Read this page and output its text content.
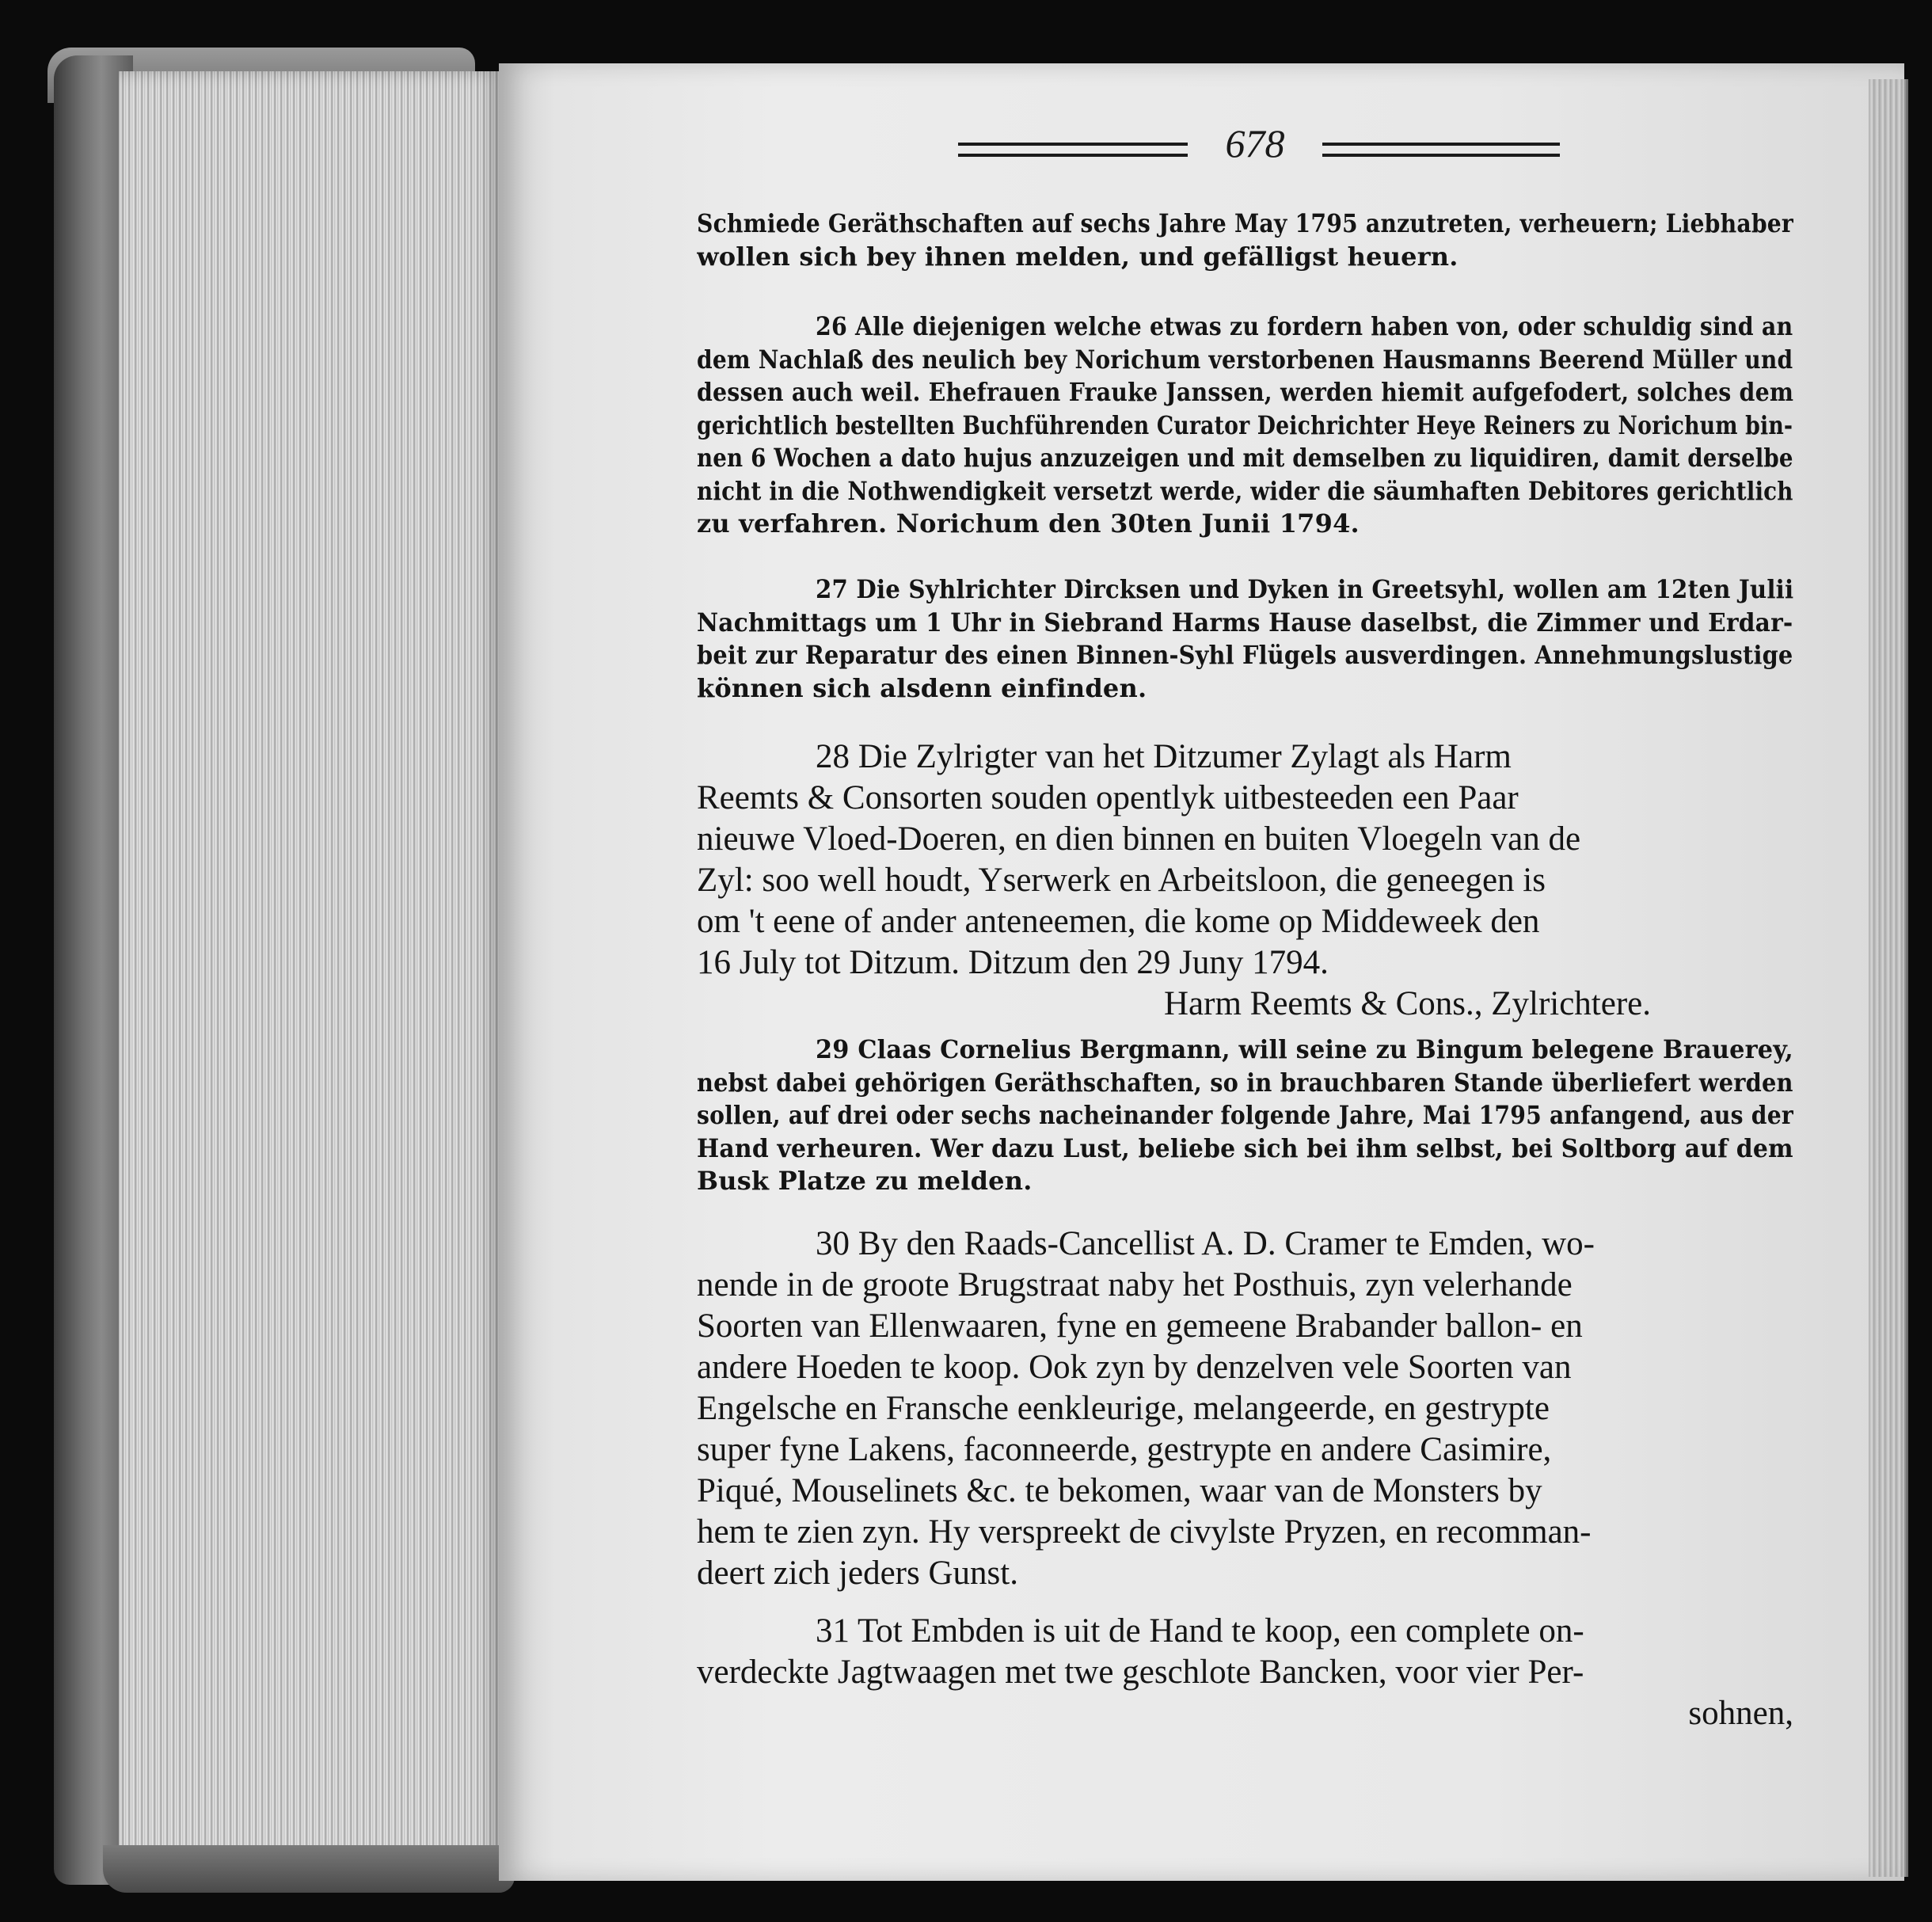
678
Schmiede Geräthschaften auf sechs Jahre May 1795 anzutreten, verheuern; Liebhaber
wollen sich bey ihnen melden, und gefälligst heuern.
26 Alle diejenigen welche etwas zu fordern haben von, oder schuldig sind an
dem Nachlaß des neulich bey Norichum verstorbenen Hausmanns Beerend Müller und
dessen auch weil. Ehefrauen Frauke Janssen, werden hiemit aufgefodert, solches dem
gerichtlich bestellten Buchführenden Curator Deichrichter Heye Reiners zu Norichum bin-
nen 6 Wochen a dato hujus anzuzeigen und mit demselben zu liquidiren, damit derselbe
nicht in die Nothwendigkeit versetzt werde, wider die säumhaften Debitores gerichtlich
zu verfahren. Norichum den 30ten Junii 1794.
27 Die Syhlrichter Dircksen und Dyken in Greetsyhl, wollen am 12ten Julii
Nachmittags um 1 Uhr in Siebrand Harms Hause daselbst, die Zimmer und Erdar-
beit zur Reparatur des einen Binnen-Syhl Flügels ausverdingen. Annehmungslustige
können sich alsdenn einfinden.
28 Die Zylrigter van het Ditzumer Zylagt als Harm
Reemts & Consorten souden opentlyk uitbesteeden een Paar
nieuwe Vloed-Doeren, en dien binnen en buiten Vloegeln van de
Zyl: soo well houdt, Yserwerk en Arbeitsloon, die geneegen is
om 't eene of ander anteneemen, die kome op Middeweek den
16 July tot Ditzum. Ditzum den 29 Juny 1794.
Harm Reemts & Cons., Zylrichtere.
29 Claas Cornelius Bergmann, will seine zu Bingum belegene Brauerey,
nebst dabei gehörigen Geräthschaften, so in brauchbaren Stande überliefert werden
sollen, auf drei oder sechs nacheinander folgende Jahre, Mai 1795 anfangend, aus der
Hand verheuren. Wer dazu Lust, beliebe sich bei ihm selbst, bei Soltborg auf dem
Busk Platze zu melden.
30 By den Raads-Cancellist A. D. Cramer te Emden, wo-
nende in de groote Brugstraat naby het Posthuis, zyn velerhande
Soorten van Ellenwaaren, fyne en gemeene Brabander ballon- en
andere Hoeden te koop. Ook zyn by denzelven vele Soorten van
Engelsche en Fransche eenkleurige, melangeerde, en gestrypte
super fyne Lakens, faconneerde, gestrypte en andere Casimire,
Piqué, Mouselinets &c. te bekomen, waar van de Monsters by
hem te zien zyn. Hy verspreekt de civylste Pryzen, en recomman-
deert zich jeders Gunst.
31 Tot Embden is uit de Hand te koop, een complete on-
verdeckte Jagtwaagen met twe geschlote Bancken, voor vier Per-
sohnen,
